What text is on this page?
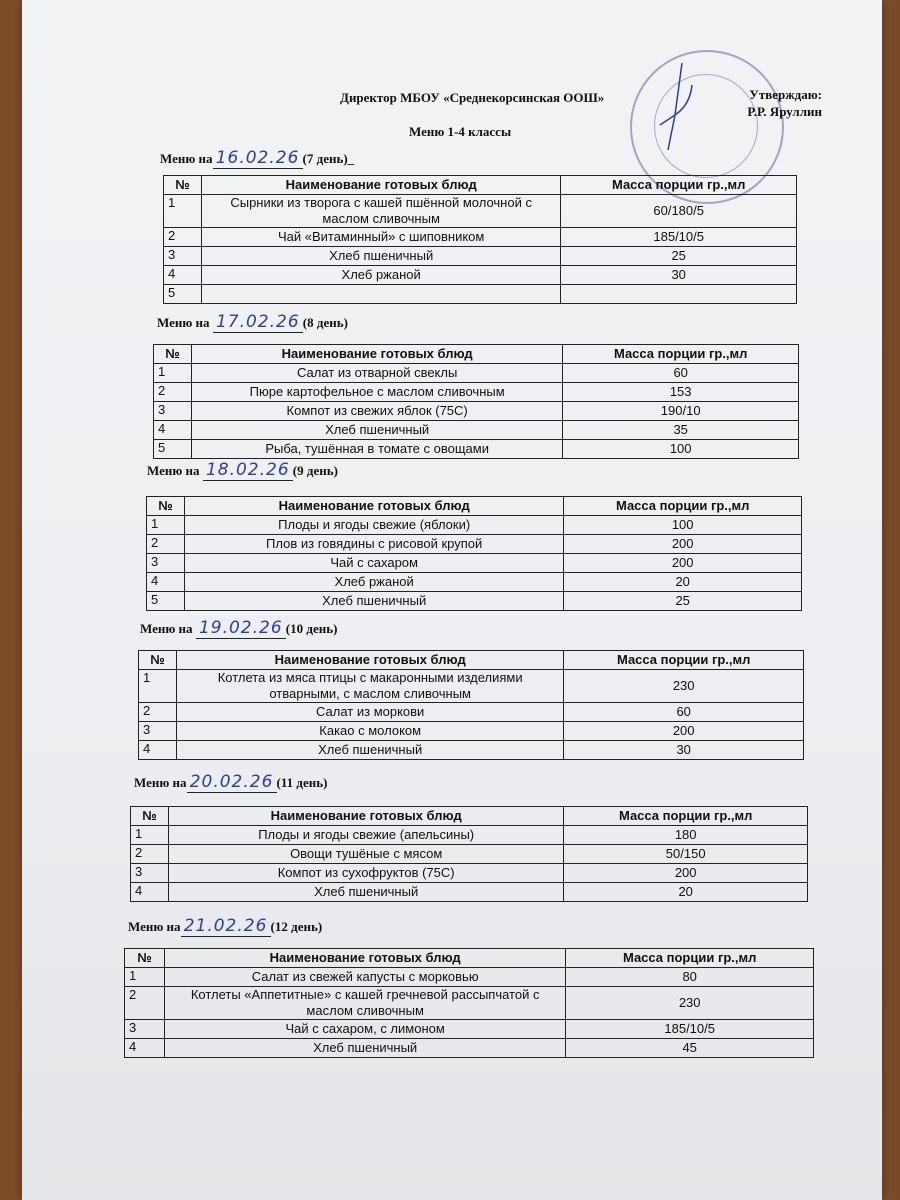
Утверждаю:
Р.Р. Яруллин
Директор МБОУ «Среднекорсинская ООШ»
Меню 1-4 классы
Меню на 16.02.26 (7 день)_
№	Наименование готовых блюд	Масса порции гр.,мл
1	Сырники из творога с кашей пшённой молочной с маслом сливочным	60/180/5
2	Чай «Витаминный» с шиповником	185/10/5
3	Хлеб пшеничный	25
4	Хлеб ржаной	30
5		
Меню на 17.02.26 (8 день)
№	Наименование готовых блюд	Масса порции гр.,мл
1	Салат из отварной свеклы	60
2	Пюре картофельное с маслом сливочным	153
3	Компот из свежих яблок (75С)	190/10
4	Хлеб пшеничный	35
5	Рыба, тушённая в томате с овощами	100
Меню на 18.02.26 (9 день)
№	Наименование готовых блюд	Масса порции гр.,мл
1	Плоды и ягоды свежие (яблоки)	100
2	Плов из говядины с рисовой крупой	200
3	Чай с сахаром	200
4	Хлеб ржаной	20
5	Хлеб пшеничный	25
Меню на 19.02.26 (10 день)
№	Наименование готовых блюд	Масса порции гр.,мл
1	Котлета из мяса птицы с макаронными изделиями отварными, с маслом сливочным	230
2	Салат из моркови	60
3	Какао с молоком	200
4	Хлеб пшеничный	30
Меню на 20.02.26 (11 день)
№	Наименование готовых блюд	Масса порции гр.,мл
1	Плоды и ягоды свежие (апельсины)	180
2	Овощи тушёные с мясом	50/150
3	Компот из сухофруктов (75С)	200
4	Хлеб пшеничный	20
Меню на 21.02.26 (12 день)
№	Наименование готовых блюд	Масса порции гр.,мл
1	Салат из свежей капусты с морковью	80
2	Котлеты «Аппетитные» с кашей гречневой рассыпчатой с маслом сливочным	230
3	Чай с сахаром, с лимоном	185/10/5
4	Хлеб пшеничный	45
